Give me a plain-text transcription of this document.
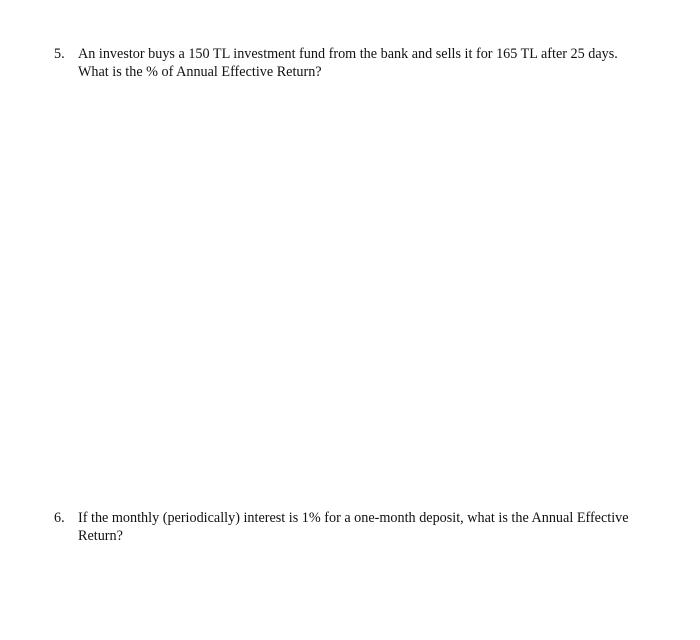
5. An investor buys a 150 TL investment fund from the bank and sells it for 165 TL after 25 days.
What is the % of Annual Effective Return?
6. If the monthly (periodically) interest is 1% for a one-month deposit, what is the Annual Effective
Return?
